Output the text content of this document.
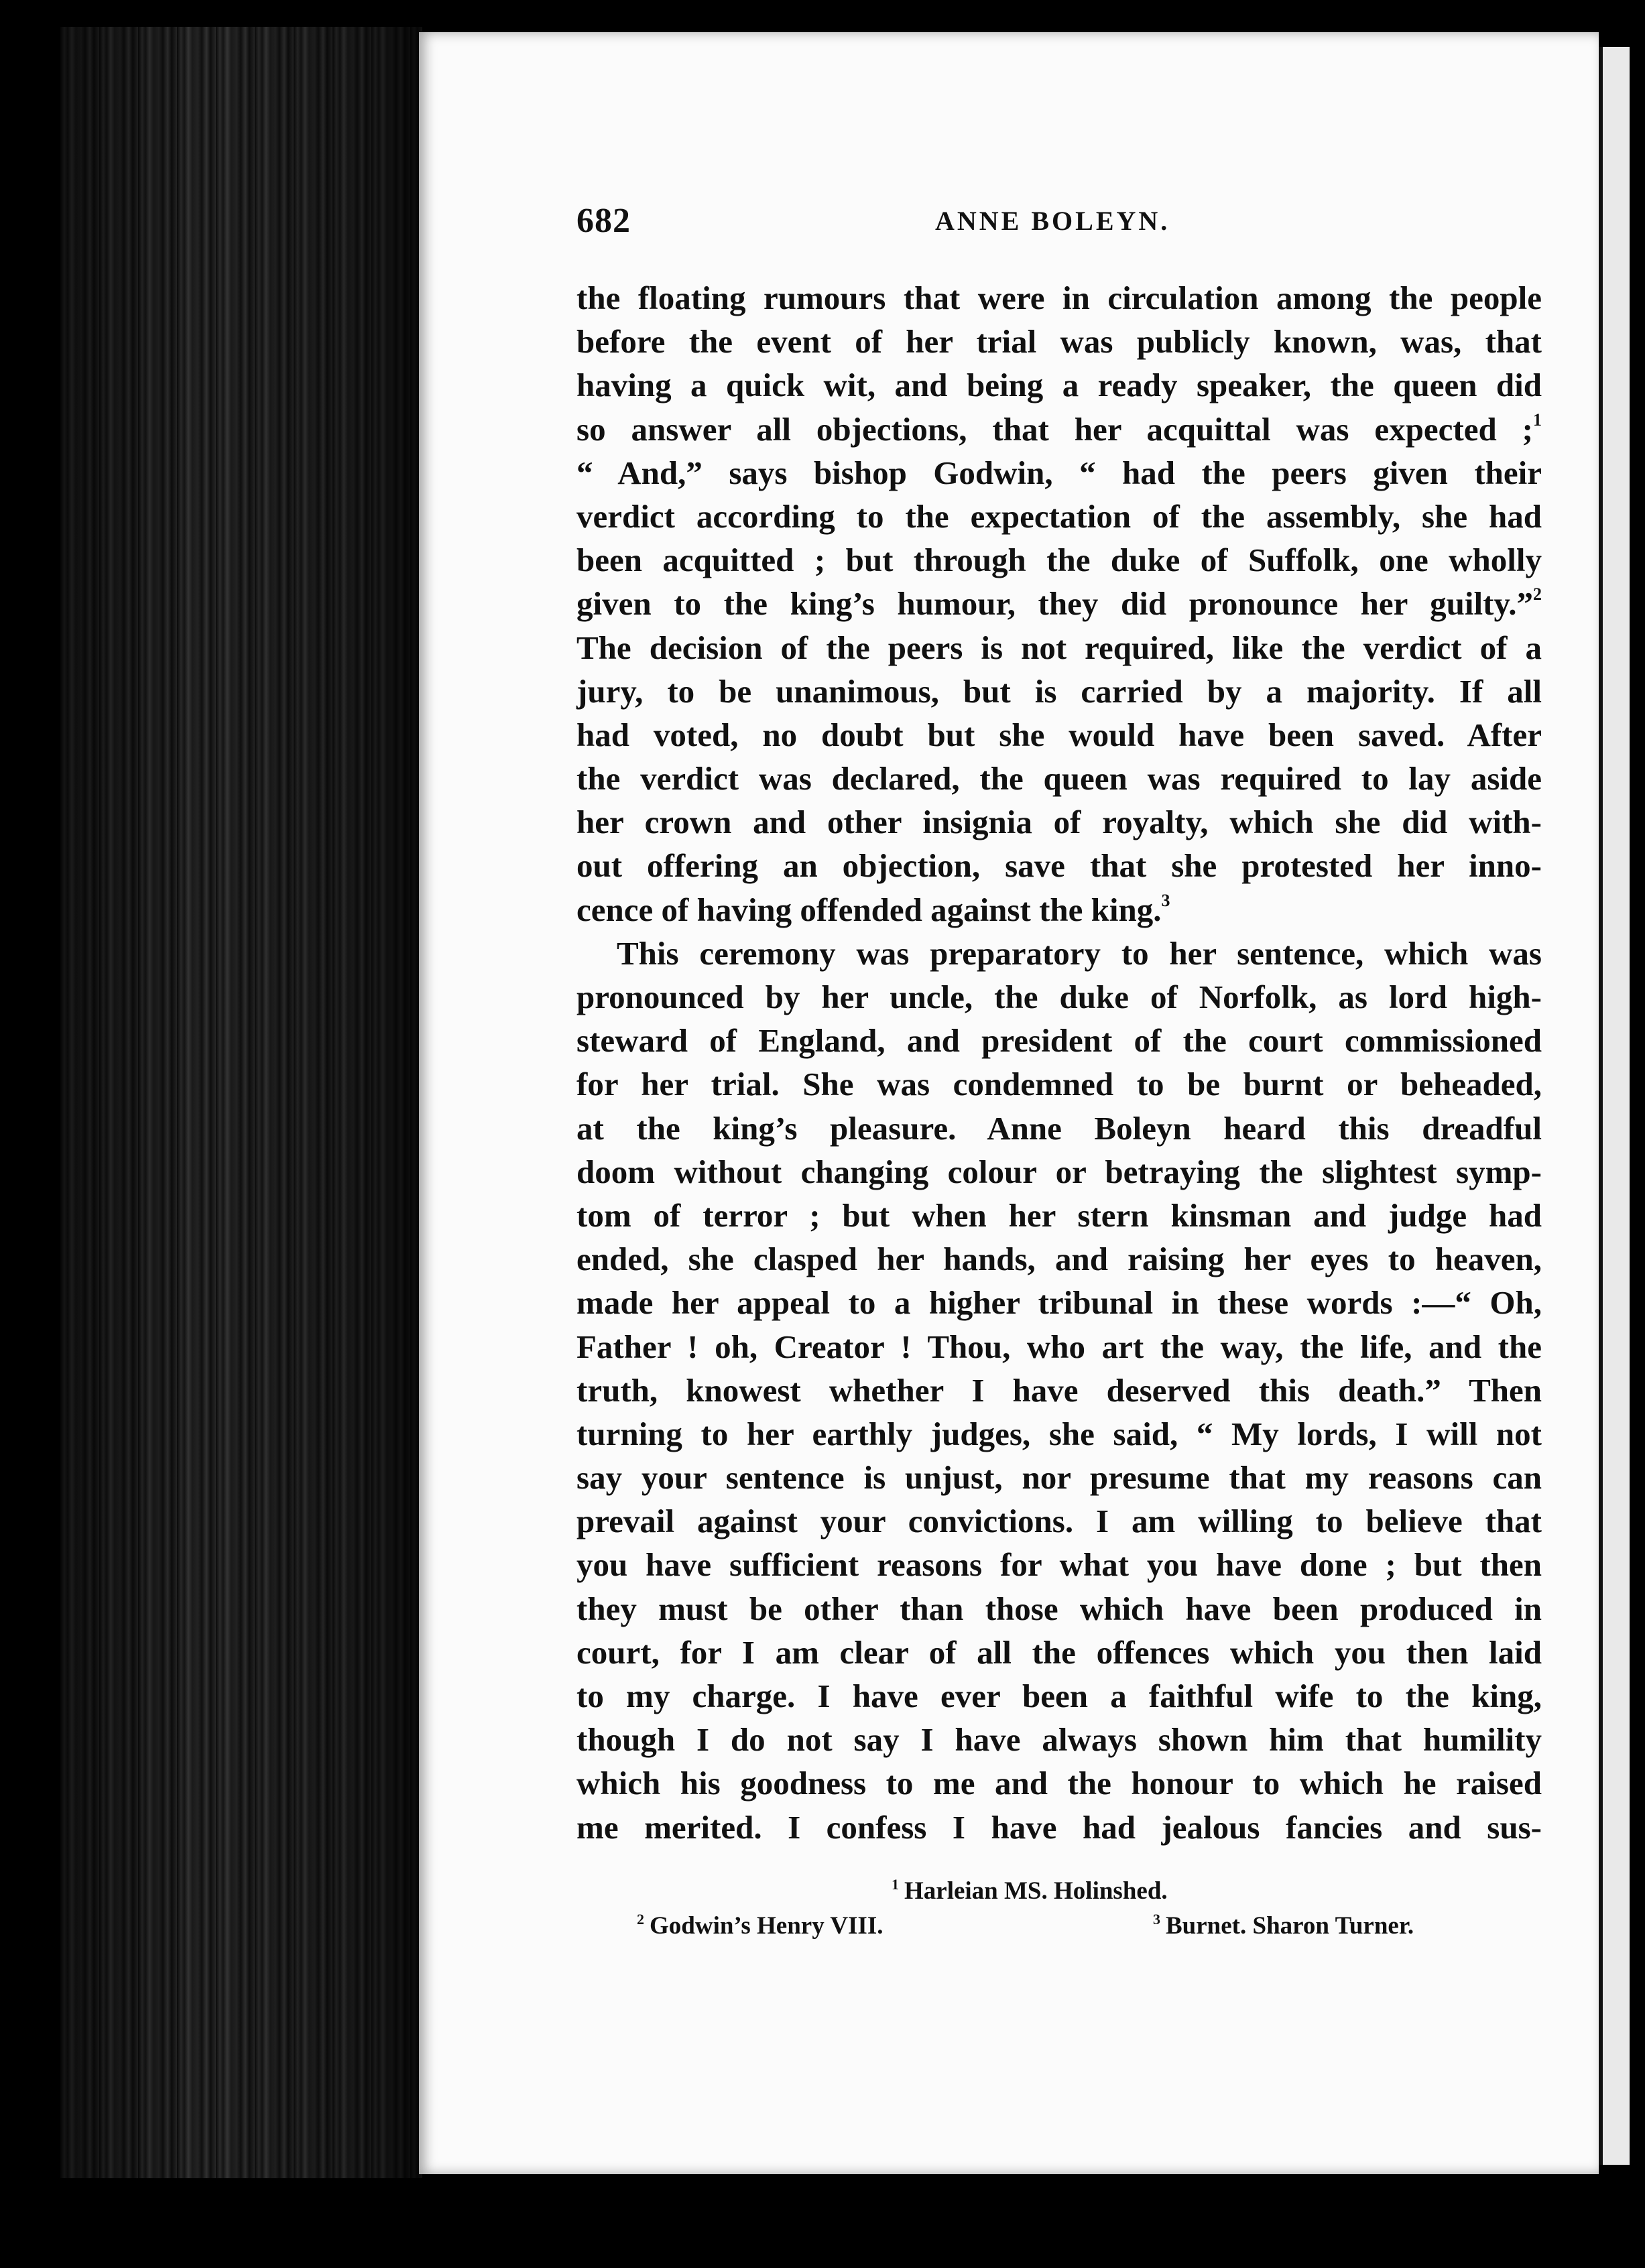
682	ANNE BOLEYN.
the floating rumours that were in circulation among the people
before the event of her trial was publicly known, was, that
having a quick wit, and being a ready speaker, the queen did
so answer all objections, that her acquittal was expected ;$^1$
“ And,” says bishop Godwin, “ had the peers given their
verdict according to the expectation of the assembly, she had
been acquitted ; but through the duke of Suffolk, one wholly
given to the king’s humour, they did pronounce her guilty.”$^2$
The decision of the peers is not required, like the verdict of a
jury, to be unanimous, but is carried by a majority. If all
had voted, no doubt but she would have been saved. After
the verdict was declared, the queen was required to lay aside
her crown and other insignia of royalty, which she did with-
out offering an objection, save that she protested her inno-
cence of having offended against the king.$^3$
This ceremony was preparatory to her sentence, which was
pronounced by her uncle, the duke of Norfolk, as lord high-
steward of England, and president of the court commissioned
for her trial. She was condemned to be burnt or beheaded,
at the king’s pleasure. Anne Boleyn heard this dreadful
doom without changing colour or betraying the slightest symp-
tom of terror ; but when her stern kinsman and judge had
ended, she clasped her hands, and raising her eyes to heaven,
made her appeal to a higher tribunal in these words :—“ Oh,
Father ! oh, Creator ! Thou, who art the way, the life, and the
truth, knowest whether I have deserved this death.” Then
turning to her earthly judges, she said, “ My lords, I will not
say your sentence is unjust, nor presume that my reasons can
prevail against your convictions. I am willing to believe that
you have sufficient reasons for what you have done ; but then
they must be other than those which have been produced in
court, for I am clear of all the offences which you then laid
to my charge. I have ever been a faithful wife to the king,
though I do not say I have always shown him that humility
which his goodness to me and the honour to which he raised
me merited. I confess I have had jealous fancies and sus-
$^1$ Harleian MS. Holinshed.
$^2$ Godwin’s Henry VIII.	$^3$ Burnet. Sharon Turner.
